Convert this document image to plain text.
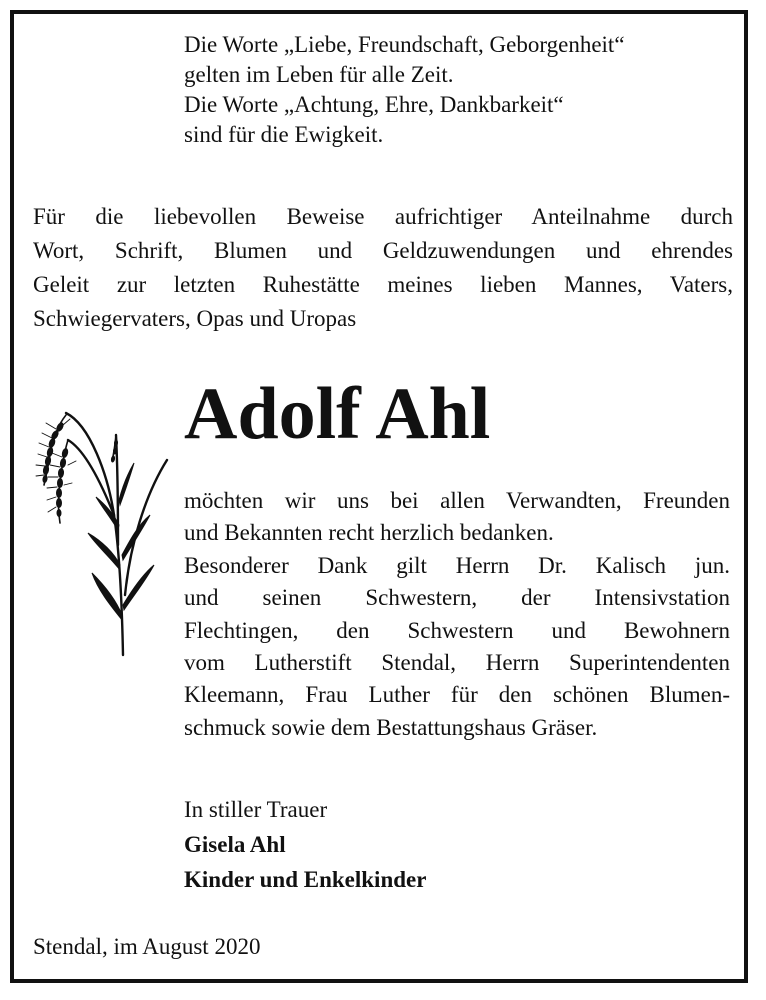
Die Worte „Liebe, Freundschaft, Geborgenheit“
gelten im Leben für alle Zeit.
Die Worte „Achtung, Ehre, Dankbarkeit“
sind für die Ewigkeit.
Für die liebevollen Beweise aufrichtiger Anteilnahme durch
Wort, Schrift, Blumen und Geldzuwendungen und ehrendes
Geleit zur letzten Ruhestätte meines lieben Mannes, Vaters,
Schwiegervaters, Opas und Uropas
Adolf Ahl
möchten wir uns bei allen Verwandten, Freunden
und Bekannten recht herzlich bedanken.
Besonderer Dank gilt Herrn Dr. Kalisch jun.
und seinen Schwestern, der Intensivstation
Flechtingen, den Schwestern und Bewohnern
vom Lutherstift Stendal, Herrn Superintendenten
Kleemann, Frau Luther für den schönen Blumen-
schmuck sowie dem Bestattungshaus Gräser.
In stiller Trauer
Gisela Ahl
Kinder und Enkelkinder
Stendal, im August 2020
